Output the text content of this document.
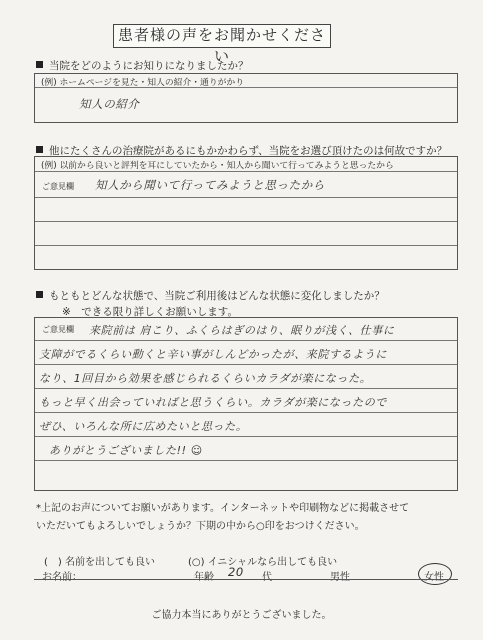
患者様の声をお聞かせください
当院をどのようにお知りになりましたか？
(例) ホームページを見た・知人の紹介・通りがかり
知人の紹介
他にたくさんの治療院があるにもかかわらず、当院をお選び頂けたのは何故ですか？
(例) 以前から良いと評判を耳にしていたから・知人から聞いて行ってみようと思ったから
ご意見欄 知人から聞いて行ってみようと思ったから
もともとどんな状態で、当院ご利用後はどんな状態に変化しましたか？
※　できる限り詳しくお願いします。
ご意見欄 来院前は 肩こり、ふくらはぎのはり、眠りが浅く、仕事に
支障がでるくらい動くと辛い事がしんどかったが、来院するように
なり、1回目から効果を感じられるくらいカラダが楽になった。
もっと早く出会っていればと思うくらい。カラダが楽になったので
ぜひ、いろんな所に広めたいと思った。
ありがとうございました!! ☺
*上記のお声についてお願いがあります。インターネットや印刷物などに掲載させて
いただいてもよろしいでしょうか？下期の中から○印をおつけください。
(　) 名前を出しても良い	(○) イニシャルなら出しても良い
お名前：	年齢 20 代	男性	女性
ご協力本当にありがとうございました。
